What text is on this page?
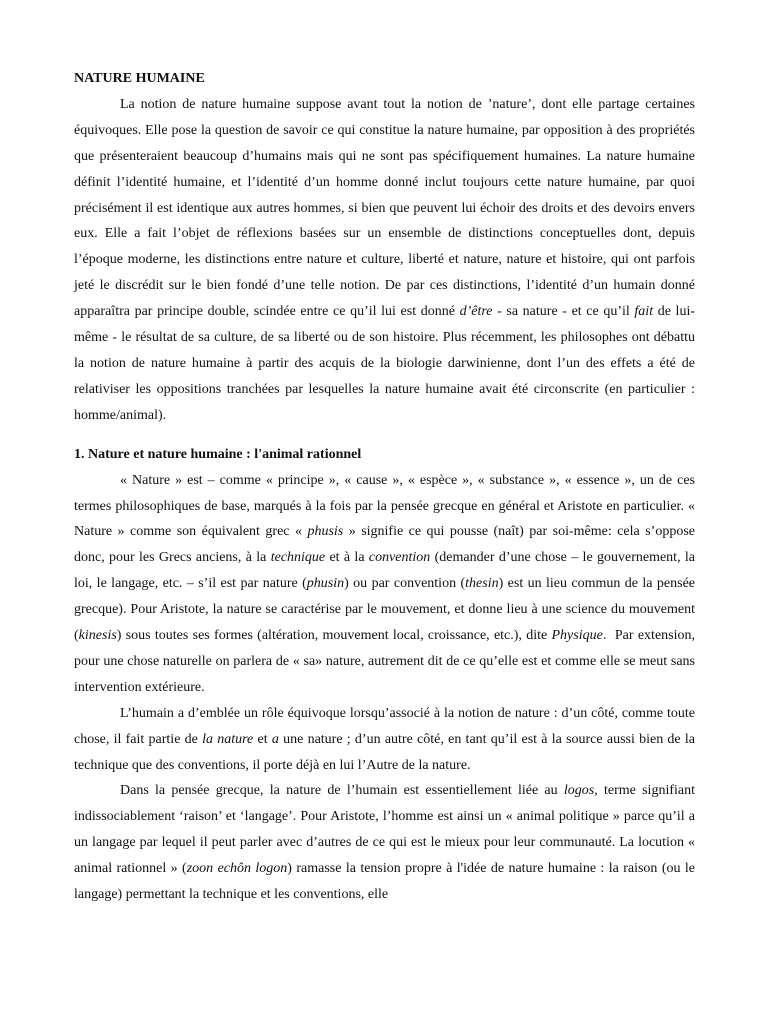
NATURE HUMAINE

La notion de nature humaine suppose avant tout la notion de ’nature’, dont elle partage certaines équivoques. Elle pose la question de savoir ce qui constitue la nature humaine, par opposition à des propriétés que présenteraient beaucoup d’humains mais qui ne sont pas spécifiquement humaines. La nature humaine définit l’identité humaine, et l’identité d’un homme donné inclut toujours cette nature humaine, par quoi précisément il est identique aux autres hommes, si bien que peuvent lui échoir des droits et des devoirs envers eux. Elle a fait l’objet de réflexions basées sur un ensemble de distinctions conceptuelles dont, depuis l’époque moderne, les distinctions entre nature et culture, liberté et nature, nature et histoire, qui ont parfois jeté le discrédit sur le bien fondé d’une telle notion. De par ces distinctions, l’identité d’un humain donné apparaîtra par principe double, scindée entre ce qu’il lui est donné d’être - sa nature - et ce qu’il fait de lui-même - le résultat de sa culture, de sa liberté ou de son histoire. Plus récemment, les philosophes ont débattu la notion de nature humaine à partir des acquis de la biologie darwinienne, dont l’un des effets a été de relativiser les oppositions tranchées par lesquelles la nature humaine avait été circonscrite (en particulier : homme/animal).

1. Nature et nature humaine : l'animal rationnel

« Nature » est – comme « principe », « cause », « espèce », « substance », « essence », un de ces termes philosophiques de base, marqués à la fois par la pensée grecque en général et Aristote en particulier. « Nature » comme son équivalent grec « phusis » signifie ce qui pousse (naît) par soi-même: cela s’oppose donc, pour les Grecs anciens, à la technique et à la convention (demander d’une chose – le gouvernement, la loi, le langage, etc. – s’il est par nature (phusin) ou par convention (thesin) est un lieu commun de la pensée grecque). Pour Aristote, la nature se caractérise par le mouvement, et donne lieu à une science du mouvement (kinesis) sous toutes ses formes (altération, mouvement local, croissance, etc.), dite Physique.  Par extension, pour une chose naturelle on parlera de « sa» nature, autrement dit de ce qu’elle est et comme elle se meut sans intervention extérieure.

L’humain a d’emblée un rôle équivoque lorsqu’associé à la notion de nature : d’un côté, comme toute chose, il fait partie de la nature et a une nature ; d’un autre côté, en tant qu’il est à la source aussi bien de la technique que des conventions, il porte déjà en lui l’Autre de la nature.

Dans la pensée grecque, la nature de l’humain est essentiellement liée au logos, terme signifiant indissociablement ‘raison’ et ‘langage’. Pour Aristote, l’homme est ainsi un « animal politique » parce qu’il a un langage par lequel il peut parler avec d’autres de ce qui est le mieux pour leur communauté. La locution « animal rationnel » (zoon echôn logon) ramasse la tension propre à l'idée de nature humaine : la raison (ou le langage) permettant la technique et les conventions, elle
